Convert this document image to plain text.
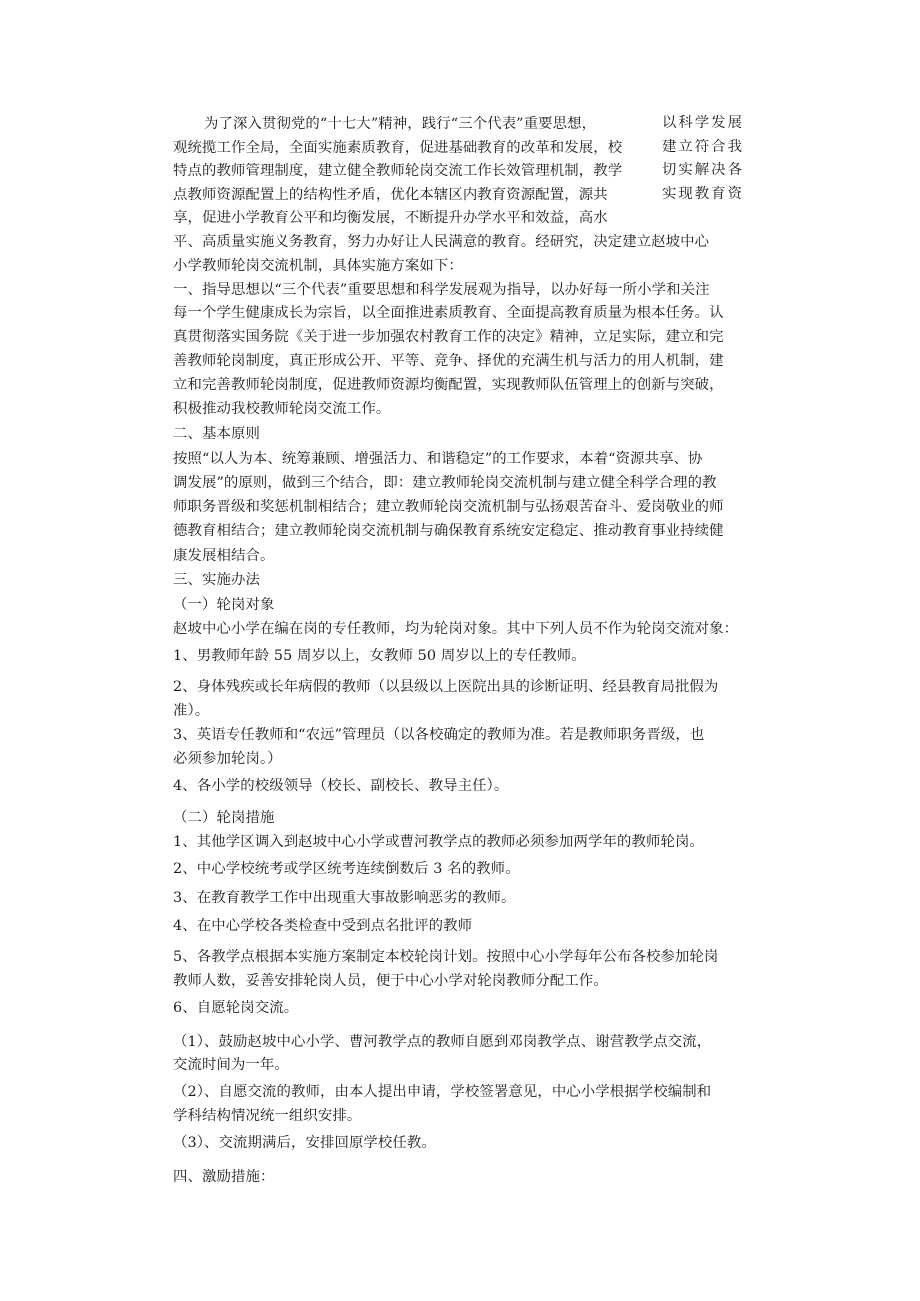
为了深入贯彻党的“十七大”精神，践行“三个代表”重要思想，
观统揽工作全局，全面实施素质教育，促进基础教育的改革和发展，校
特点的教师管理制度，建立健全教师轮岗交流工作长效管理机制，教学
点教师资源配置上的结构性矛盾，优化本辖区内教育资源配置，源共
享，促进小学教育公平和均衡发展，不断提升办学水平和效益，高水
以科学发展
建立符合我
切实解决各
实现教育资
平、高质量实施义务教育，努力办好让人民满意的教育。经研究，决定建立赵坡中心
小学教师轮岗交流机制，具体实施方案如下：
一、指导思想以“三个代表”重要思想和科学发展观为指导，以办好每一所小学和关注
每一个学生健康成长为宗旨，以全面推进素质教育、全面提高教育质量为根本任务。认
真贯彻落实国务院《关于进一步加强农村教育工作的决定》精神，立足实际，建立和完
善教师轮岗制度，真正形成公开、平等、竞争、择优的充满生机与活力的用人机制，建
立和完善教师轮岗制度，促进教师资源均衡配置，实现教师队伍管理上的创新与突破，
积极推动我校教师轮岗交流工作。
二、基本原则
按照“以人为本、统筹兼顾、增强活力、和谐稳定”的工作要求，本着“资源共享、协
调发展”的原则，做到三个结合，即：建立教师轮岗交流机制与建立健全科学合理的教
师职务晋级和奖惩机制相结合；建立教师轮岗交流机制与弘扬艰苦奋斗、爱岗敬业的师
德教育相结合；建立教师轮岗交流机制与确保教育系统安定稳定、推动教育事业持续健
康发展相结合。
三、实施办法
（一）轮岗对象
赵坡中心小学在编在岗的专任教师，均为轮岗对象。其中下列人员不作为轮岗交流对象：
1、男教师年龄 55 周岁以上，女教师 50 周岁以上的专任教师。
2、身体残疾或长年病假的教师（以县级以上医院出具的诊断证明、经县教育局批假为
准）。
3、英语专任教师和“农远”管理员（以各校确定的教师为准。若是教师职务晋级，也
必须参加轮岗。）
4、各小学的校级领导（校长、副校长、教导主任）。
（二）轮岗措施
1、其他学区调入到赵坡中心小学或曹河教学点的教师必须参加两学年的教师轮岗。
2、中心学校统考或学区统考连续倒数后 3 名的教师。
3、在教育教学工作中出现重大事故影响恶劣的教师。
4、在中心学校各类检查中受到点名批评的教师
5、各教学点根据本实施方案制定本校轮岗计划。按照中心小学每年公布各校参加轮岗
教师人数，妥善安排轮岗人员，便于中心小学对轮岗教师分配工作。
6、自愿轮岗交流。
（1）、鼓励赵坡中心小学、曹河教学点的教师自愿到邓岗教学点、谢营教学点交流，
交流时间为一年。
（2）、自愿交流的教师，由本人提出申请，学校签署意见，中心小学根据学校编制和
学科结构情况统一组织安排。
（3）、交流期满后，安排回原学校任教。
四、激励措施：
